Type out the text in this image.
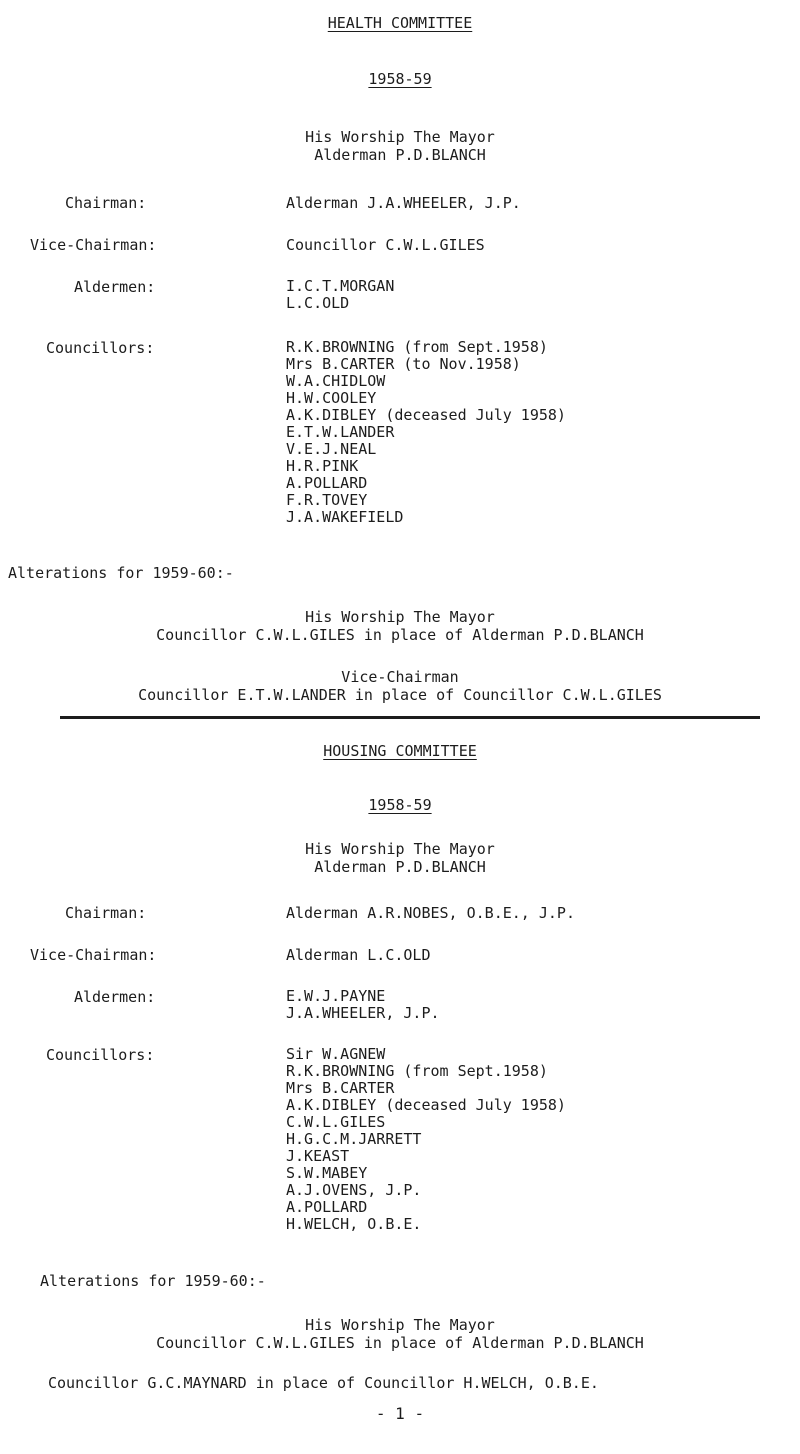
HEALTH COMMITTEE
1958-59
His Worship The Mayor
Alderman P.D.BLANCH
Chairman:	Alderman J.A.WHEELER, J.P.
Vice-Chairman:	Councillor C.W.L.GILES
Aldermen:	I.C.T.MORGAN
L.C.OLD
Councillors:	R.K.BROWNING (from Sept.1958)
Mrs B.CARTER (to Nov.1958)
W.A.CHIDLOW
H.W.COOLEY
A.K.DIBLEY (deceased July 1958)
E.T.W.LANDER
V.E.J.NEAL
H.R.PINK
A.POLLARD
F.R.TOVEY
J.A.WAKEFIELD
Alterations for 1959-60:-
His Worship The Mayor
Councillor C.W.L.GILES in place of Alderman P.D.BLANCH
Vice-Chairman
Councillor E.T.W.LANDER in place of Councillor C.W.L.GILES
HOUSING COMMITTEE
1958-59
His Worship The Mayor
Alderman P.D.BLANCH
Chairman:	Alderman A.R.NOBES, O.B.E., J.P.
Vice-Chairman:	Alderman L.C.OLD
Aldermen:	E.W.J.PAYNE
J.A.WHEELER, J.P.
Councillors:	Sir W.AGNEW
R.K.BROWNING (from Sept.1958)
Mrs B.CARTER
A.K.DIBLEY (deceased July 1958)
C.W.L.GILES
H.G.C.M.JARRETT
J.KEAST
S.W.MABEY
A.J.OVENS, J.P.
A.POLLARD
H.WELCH, O.B.E.
Alterations for 1959-60:-
His Worship The Mayor
Councillor C.W.L.GILES in place of Alderman P.D.BLANCH
Councillor G.C.MAYNARD in place of Councillor H.WELCH, O.B.E.
- 1 -
